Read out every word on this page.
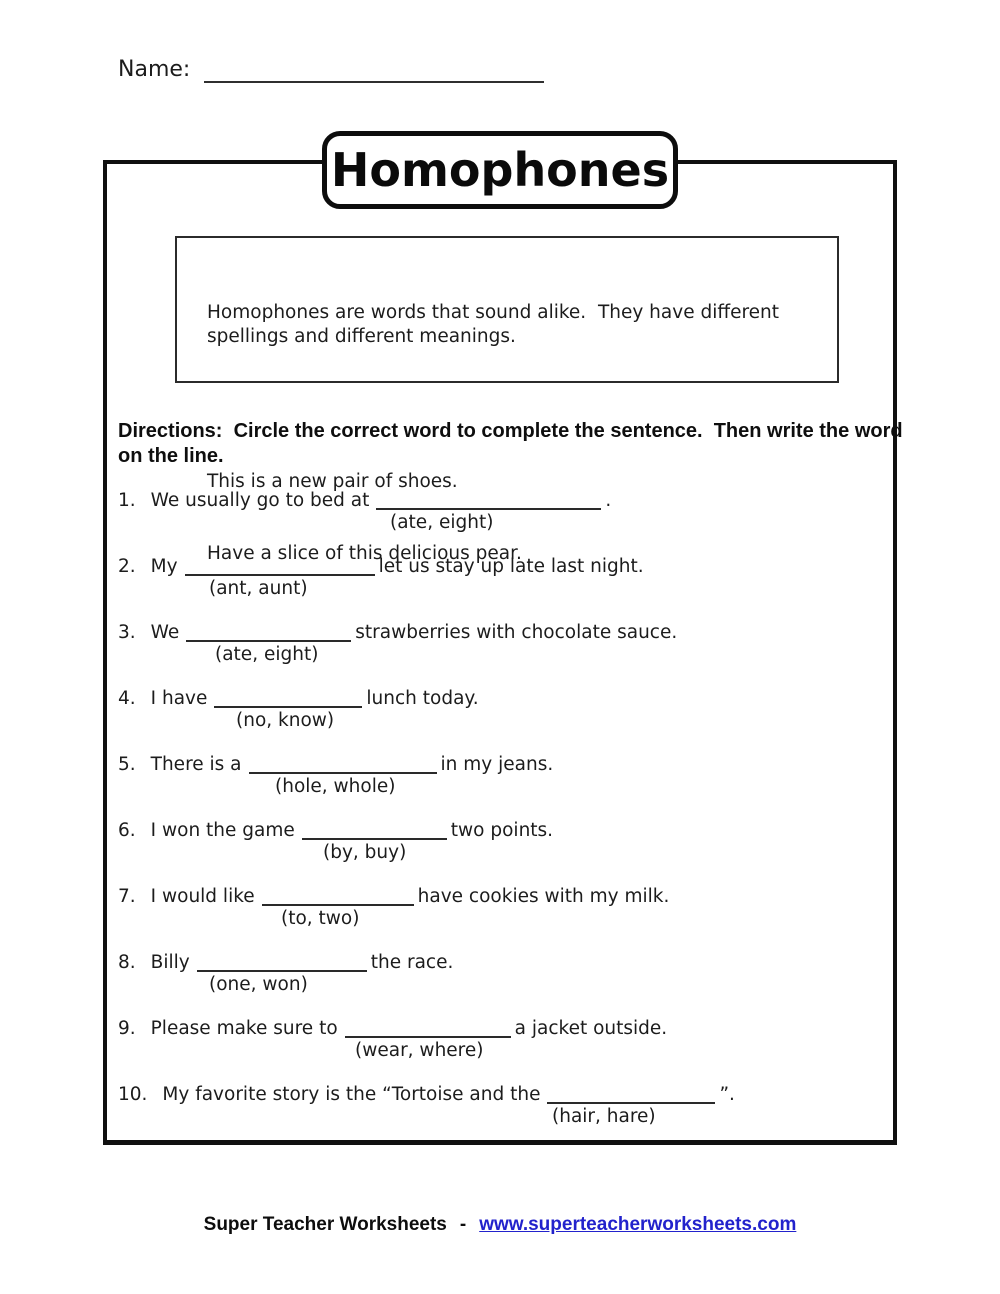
Name:
Homophones

Homophones are words that sound alike.  They have different spellings and different meanings.

This is a new pair of shoes.

Have a slice of this delicious pear.

Directions:  Circle the correct word to complete the sentence.  Then write the word on the line.
1. We usually go to bed at	.
(ate, eight)
2. My	let us stay up late last night.
(ant, aunt)
3. We	strawberries with chocolate sauce.
(ate, eight)
4. I have	lunch today.
(no, know)
5. There is a	in my jeans.
(hole, whole)
6. I won the game	two points.
(by, buy)
7. I would like	have cookies with my milk.
(to, two)
8. Billy	the race.
(one, won)
9. Please make sure to	a jacket outside.
(wear, where)
10. My favorite story is the “Tortoise and the	”.
(hair, hare)
Super Teacher Worksheets - www.superteacherworksheets.com
